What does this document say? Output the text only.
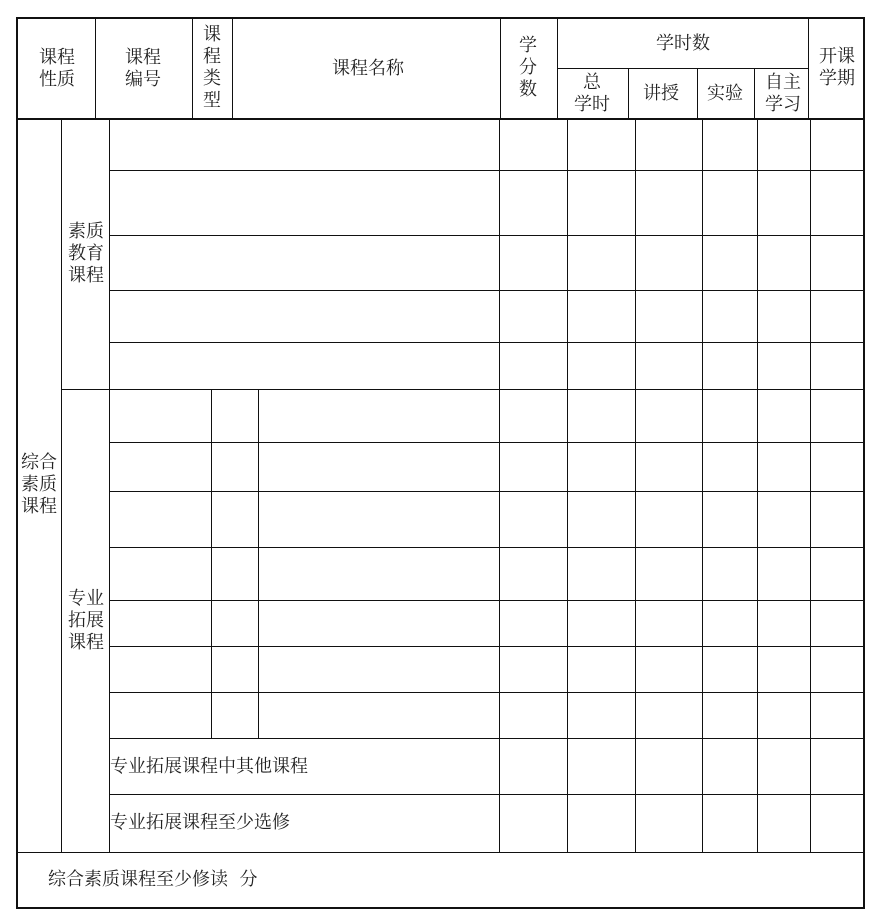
课程
性质
课程
编号
课
程
类
型
课程名称
学
分
数
学时数
总
学时
讲授	实验
自主
学习
开课
学期
综合
素质
课程
素质
教育
课程
专业
拓展
课程
专业拓展课程中其他课程
专业拓展课程至少选修
综合素质课程至少修读  分
